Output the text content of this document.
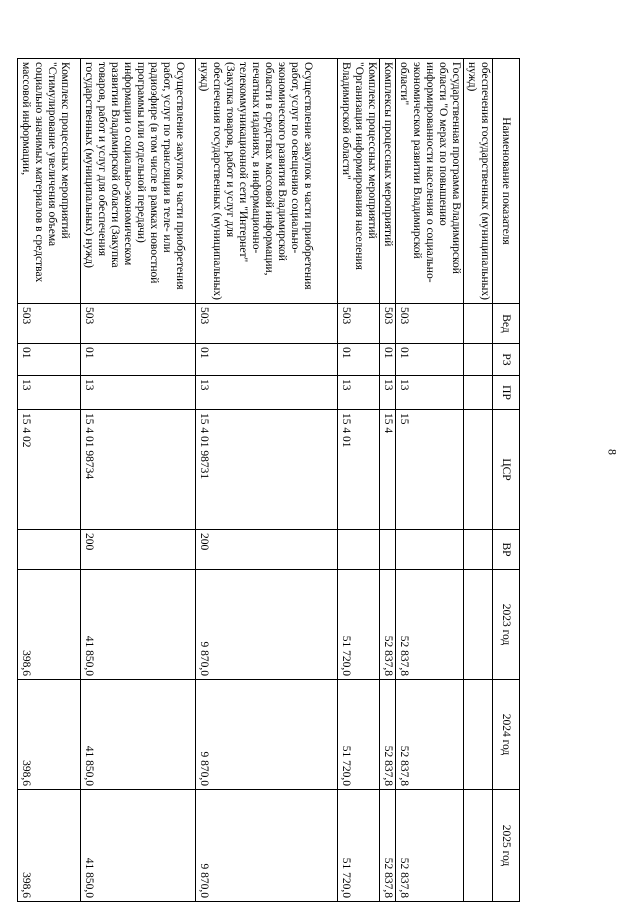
8
Наименование показателя	Вед	РЗ	ПР	ЦСР	ВР	2023 год	2024 год	2025 год
обеспечения государственных (муниципальных) нужд)								
Государственная программа Владимирской области "О мерах по повышению информированности населения о социально-экономическом развитии Владимирской области"	503	01	13	15		52 837,8	52 837,8	52 837,8
Комплексы процессных мероприятий	503	01	13	15 4		52 837,8	52 837,8	52 837,8
Комплекс процессных мероприятий "Организация информирования населения Владимирской области"	503	01	13	15 4 01		51 720,0	51 720,0	51 720,0
Осуществление закупок в части приобретения работ, услуг по освещению социально-экономического развития Владимирской области в средствах массовой информации, печатных изданиях, в информационно-телекоммуникационной сети "Интернет" (Закупка товаров, работ и услуг для обеспечения государственных (муниципальных) нужд)	503	01	13	15 4 01 98731	200	9 870,0	9 870,0	9 870,0
Осуществление закупок в части приобретения работ, услуг по трансляции в теле- или радиоэфире (в том числе в рамках новостной программы или отдельной передачи) информации о социально-экономическом развитии Владимирской области (Закупка товаров, работ и услуг для обеспечения государственных (муниципальных) нужд)	503	01	13	15 4 01 98734	200	41 850,0	41 850,0	41 850,0
Комплекс процессных мероприятий "Стимулирование увеличения объема социально значимых материалов в средствах массовой информации,	503	01	13	15 4 02		398,6	398,6	398,6
